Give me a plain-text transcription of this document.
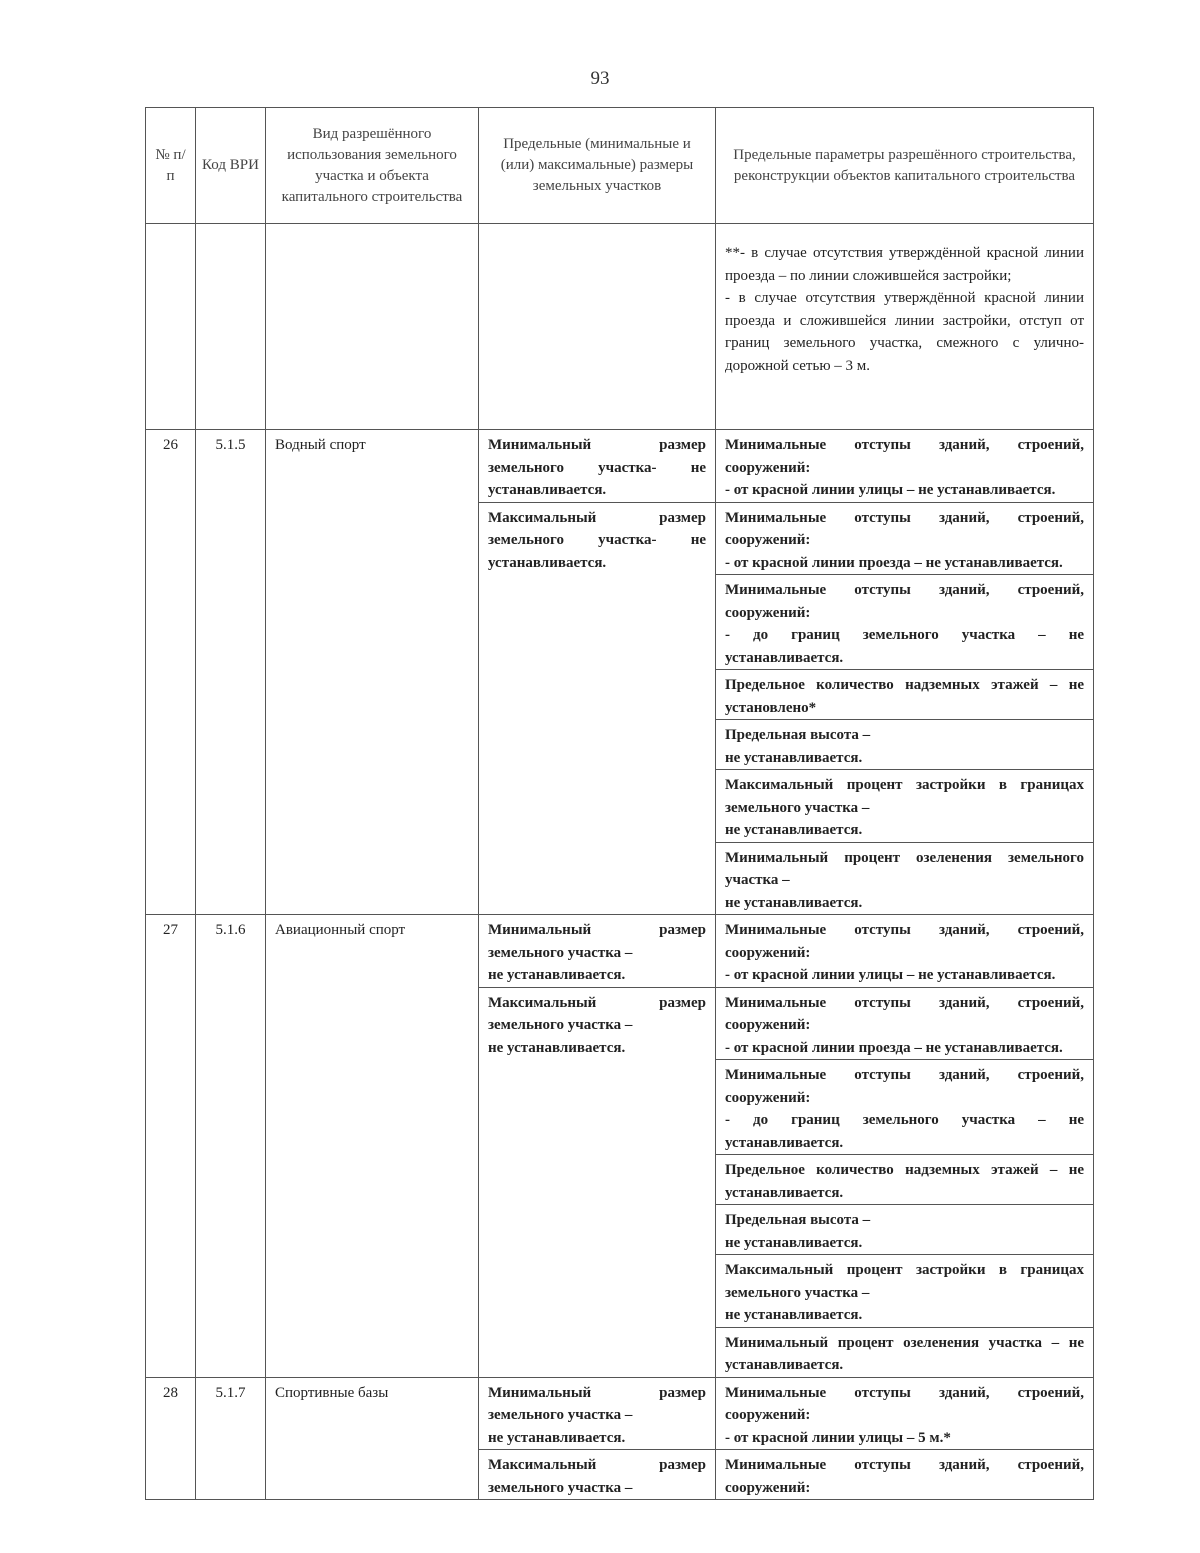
93
№ п/п	Код ВРИ	Вид разрешённого использования земельного участка и объекта капитального строительства	Предельные (минимальные и (или) максимальные) размеры земельных участков	Предельные параметры разрешённого строительства, реконструкции объектов капитального строительства
				**- в случае отсутствия утверждённой красной линии проезда – по линии сложившейся застройки;
- в случае отсутствия утверждённой красной линии проезда и сложившейся линии застройки, отступ от границ земельного участка, смежного с улично-дорожной сетью – 3 м.
26	5.1.5	Водный спорт	Минимальный размер земельного участка- не устанавливается.	Минимальные отступы зданий, строений, сооружений:
- от красной линии улицы – не устанавливается.
			Максимальный размер земельного участка- не устанавливается.	Минимальные отступы зданий, строений, сооружений:
- от красной линии проезда – не устанавливается.
				Минимальные отступы зданий, строений, сооружений:
- до границ земельного участка – не устанавливается.
				Предельное количество надземных этажей – не установлено*
				Предельная высота –
не устанавливается.
				Максимальный процент застройки в границах земельного участка –
не устанавливается.
				Минимальный процент озеленения земельного участка –
не устанавливается.
27	5.1.6	Авиационный спорт	Минимальный размер земельного участка –
не устанавливается.	Минимальные отступы зданий, строений, сооружений:
- от красной линии улицы – не устанавливается.
			Максимальный размер земельного участка –
не устанавливается.	Минимальные отступы зданий, строений, сооружений:
- от красной линии проезда – не устанавливается.
				Минимальные отступы зданий, строений, сооружений:
- до границ земельного участка – не устанавливается.
				Предельное количество надземных этажей – не устанавливается.
				Предельная высота –
не устанавливается.
				Максимальный процент застройки в границах земельного участка –
не устанавливается.
				Минимальный процент озеленения участка – не устанавливается.
28	5.1.7	Спортивные базы	Минимальный размер земельного участка –
не устанавливается.	Минимальные отступы зданий, строений, сооружений:
- от красной линии улицы – 5 м.*
			Максимальный размер земельного участка –	Минимальные отступы зданий, строений, сооружений:
